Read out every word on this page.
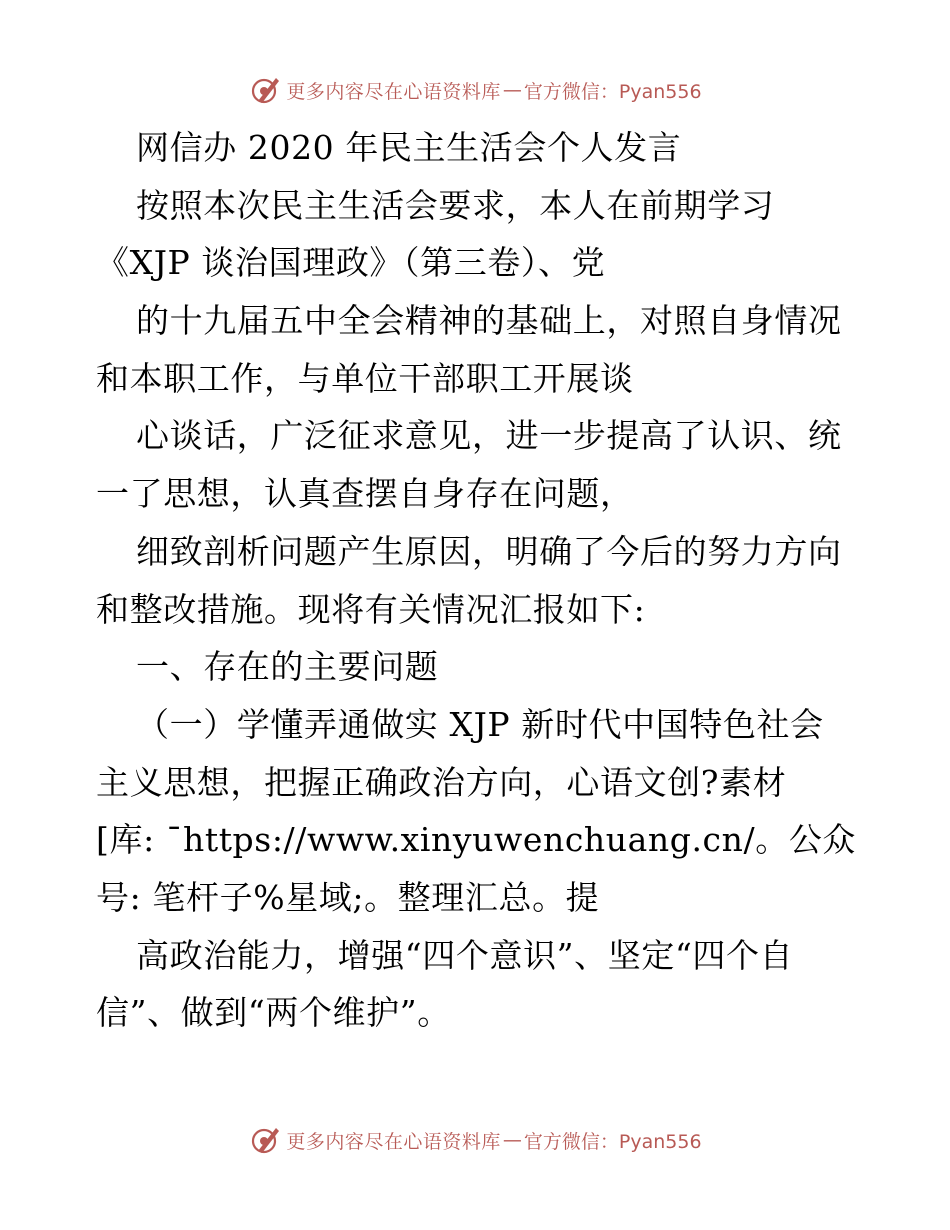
更多内容尽在心语资料库 — 官方微信：Pyan556
网信办 2020 年民主生活会个人发言
按照本次民主生活会要求，本人在前期学习
《XJP 谈治国理政》（第三卷）、党
的十九届五中全会精神的基础上，对照自身情况
和本职工作，与单位干部职工开展谈
心谈话，广泛征求意见，进一步提高了认识、统
一了思想，认真查摆自身存在问题，
细致剖析问题产生原因，明确了今后的努力方向
和整改措施。现将有关情况汇报如下:
一、存在的主要问题
（一）学懂弄通做实 XJP 新时代中国特色社会
主义思想，把握正确政治方向，心语文创?素材
[库: ¯https://www.xinyuwenchuang.cn/。公众
号: 笔杆子%星域;。整理汇总。提
高政治能力，增强“四个意识”、坚定“四个自
信”、做到“两个维护”。
更多内容尽在心语资料库 — 官方微信：Pyan556
